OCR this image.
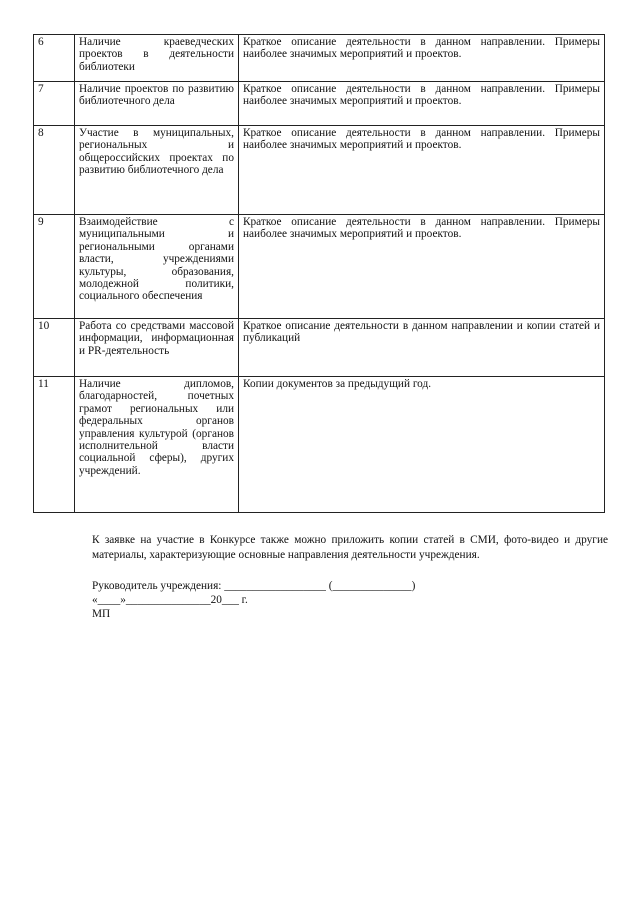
6	Наличие краеведческих проектов в деятельности библиотеки	Краткое описание деятельности в данном направлении. Примеры наиболее значимых мероприятий и проектов.
7	Наличие проектов по развитию библиотечного дела	Краткое описание деятельности в данном направлении. Примеры наиболее значимых мероприятий и проектов.
8	Участие в муниципальных, региональных и общероссийских проектах по развитию библиотечного дела	Краткое описание деятельности в данном направлении. Примеры наиболее значимых мероприятий и проектов.
9	Взаимодействие с муниципальными и региональными органами власти, учреждениями культуры, образования, молодежной политики, социального обеспечения	Краткое описание деятельности в данном направлении. Примеры наиболее значимых мероприятий и проектов.
10	Работа со средствами массовой информации, информационная и PR-деятельность	Краткое описание деятельности в данном направлении и копии статей и публикаций
11	Наличие дипломов, благодарностей, почетных грамот региональных или федеральных органов управления культурой (органов исполнительной власти социальной сферы), других учреждений.	Копии документов за предыдущий год.
К заявке на участие в Конкурсе также можно приложить копии статей в СМИ, фото-видео и другие материалы, характеризующие основные направления деятельности учреждения.
Руководитель учреждения: __________________ (______________)
«____»_______________20___ г.
МП
